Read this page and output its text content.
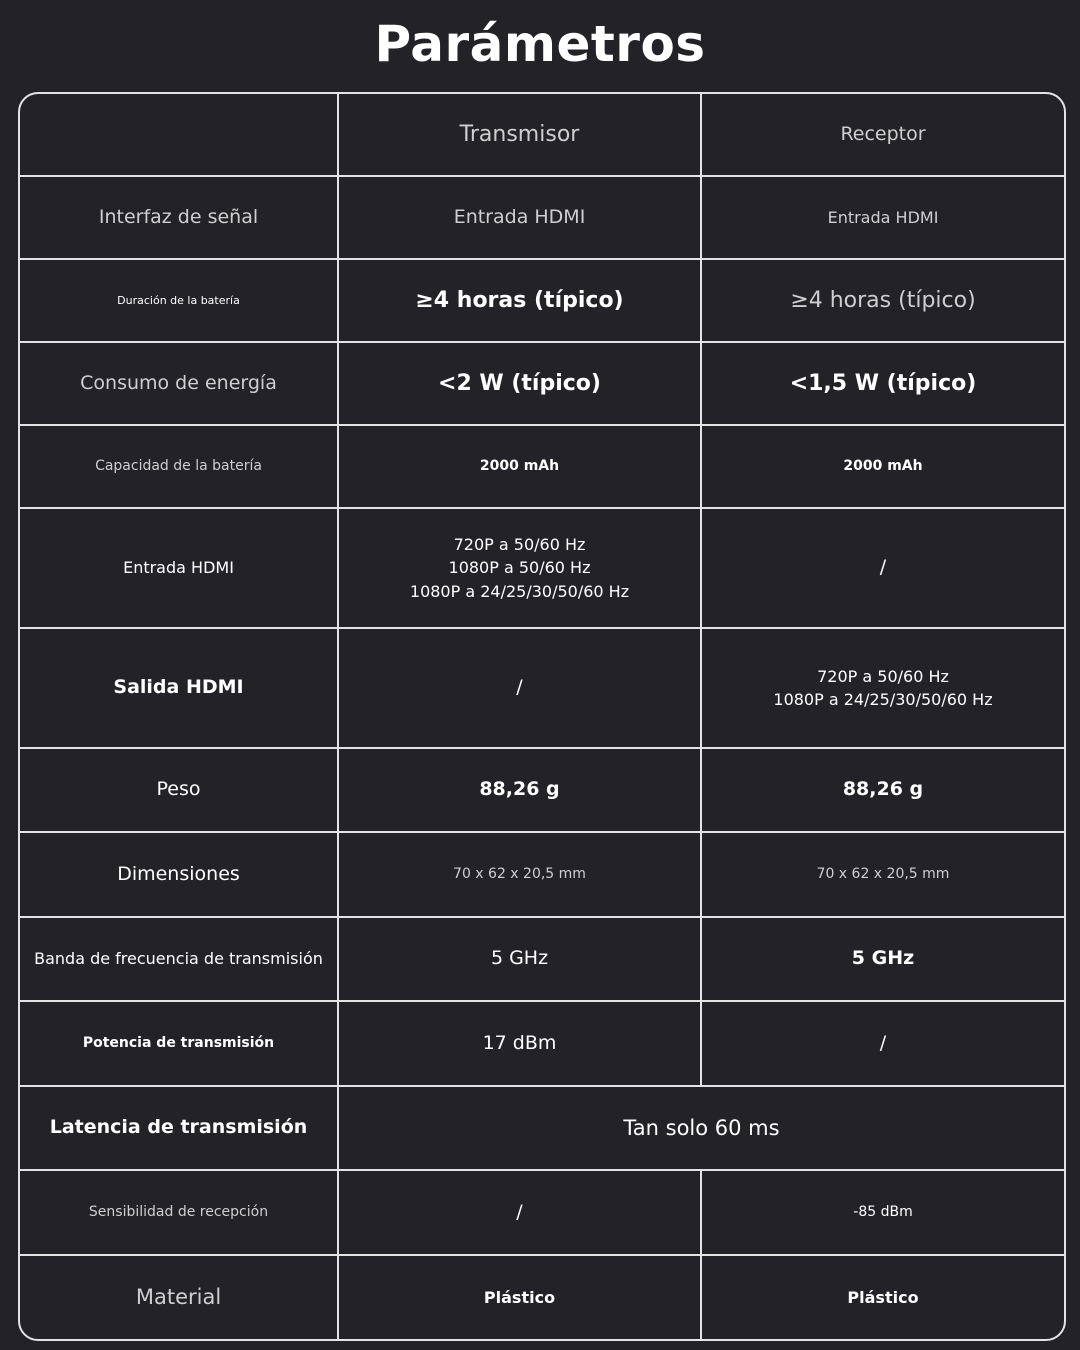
Parámetros
	Transmisor	Receptor
Interfaz de señal	Entrada HDMI	Entrada HDMI
Duración de la batería	≥4 horas (típico)	≥4 horas (típico)
Consumo de energía	<2 W (típico)	<1,5 W (típico)
Capacidad de la batería	2000 mAh	2000 mAh
Entrada HDMI	720P a 50/60 Hz
1080P a 50/60 Hz
1080P a 24/25/30/50/60 Hz	/
Salida HDMI	/	720P a 50/60 Hz
1080P a 24/25/30/50/60 Hz

Peso	88,26 g	88,26 g
Dimensiones	70 x 62 x 20,5 mm	70 x 62 x 20,5 mm
Banda de frecuencia de transmisión	5 GHz	5 GHz
Potencia de transmisión	17 dBm	/
Latencia de transmisión	Tan solo 60 ms	
Sensibilidad de recepción	/	-85 dBm
Material	Plástico	Plástico
